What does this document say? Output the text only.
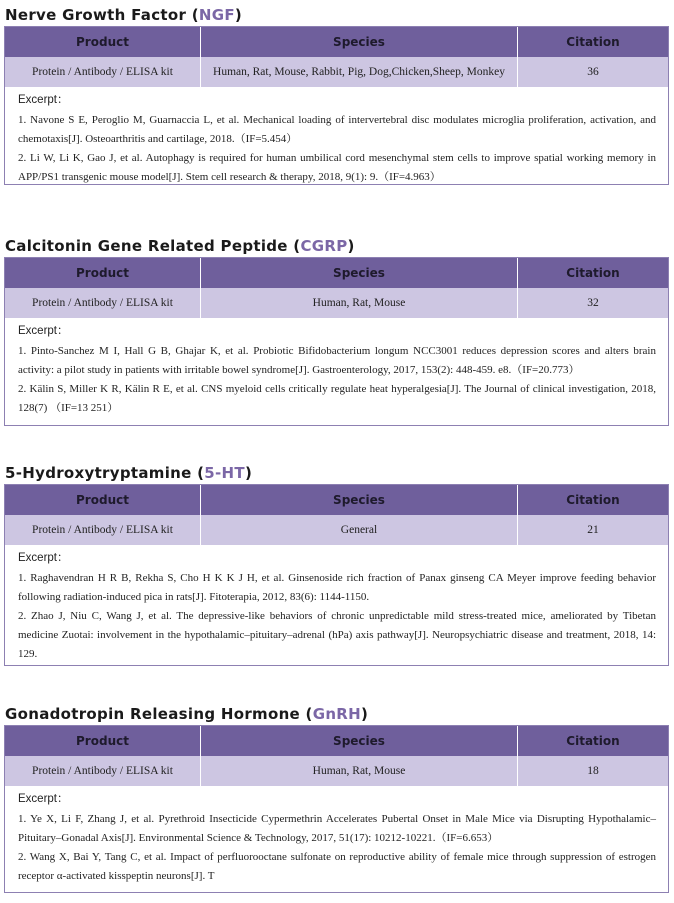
Nerve Growth Factor (NGF)
Product	Species	Citation
Protein / Antibody / ELISA kit	Human, Rat, Mouse, Rabbit, Pig, Dog,Chicken,Sheep, Monkey	36
Excerpt：
1. Navone S E, Peroglio M, Guarnaccia L, et al. Mechanical loading of intervertebral disc modulates microglia proliferation, activation, and chemotaxis[J]. Osteoarthritis and cartilage, 2018.（IF=5.454）
2. Li W, Li K, Gao J, et al. Autophagy is required for human umbilical cord mesenchymal stem cells to improve spatial working memory in APP/PS1 transgenic mouse model[J]. Stem cell research & therapy, 2018, 9(1): 9.（IF=4.963）
Calcitonin Gene Related Peptide (CGRP)
Product	Species	Citation
Protein / Antibody / ELISA kit	Human, Rat, Mouse	32
Excerpt：
1. Pinto-Sanchez M I, Hall G B, Ghajar K, et al. Probiotic Bifidobacterium longum NCC3001 reduces depression scores and alters brain activity: a pilot study in patients with irritable bowel syndrome[J]. Gastroenterology, 2017, 153(2): 448-459. e8.（IF=20.773）
2. Kälin S, Miller K R, Kälin R E, et al. CNS myeloid cells critically regulate heat hyperalgesia[J]. The Journal of clinical investigation, 2018, 128(7) （IF=13 251）
5-Hydroxytryptamine (5-HT)
Product	Species	Citation
Protein / Antibody / ELISA kit	General	21
Excerpt：
1. Raghavendran H R B, Rekha S, Cho H K K J H, et al. Ginsenoside rich fraction of Panax ginseng CA Meyer improve feeding behavior following radiation-induced pica in rats[J]. Fitoterapia, 2012, 83(6): 1144-1150.
2. Zhao J, Niu C, Wang J, et al. The depressive-like behaviors of chronic unpredictable mild stress-treated mice, ameliorated by Tibetan medicine Zuotai: involvement in the hypothalamic–pituitary–adrenal (hPa) axis pathway[J]. Neuropsychiatric disease and treatment, 2018, 14: 129.
Gonadotropin Releasing Hormone (GnRH)
Product	Species	Citation
Protein / Antibody / ELISA kit	Human, Rat, Mouse	18
Excerpt：
1. Ye X, Li F, Zhang J, et al. Pyrethroid Insecticide Cypermethrin Accelerates Pubertal Onset in Male Mice via Disrupting Hypothalamic–Pituitary–Gonadal Axis[J]. Environmental Science & Technology, 2017, 51(17): 10212-10221.（IF=6.653）
2. Wang X, Bai Y, Tang C, et al. Impact of perfluorooctane sulfonate on reproductive ability of female mice through suppression of estrogen receptor α-activated kisspeptin neurons[J]. T
